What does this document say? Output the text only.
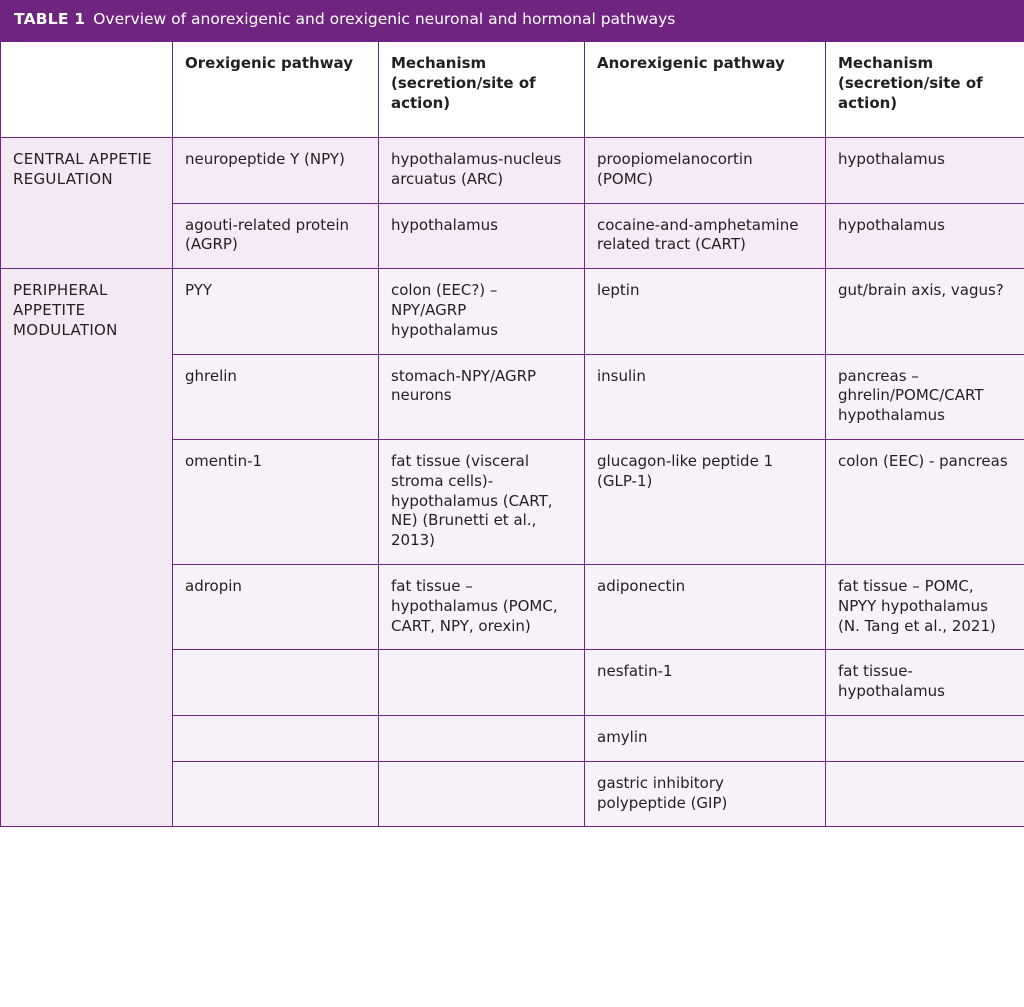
TABLE 1 Overview of anorexigenic and orexigenic neuronal and hormonal pathways
	Orexigenic pathway	Mechanism (secretion/site of action)	Anorexigenic pathway	Mechanism (secretion/site of action)
CENTRAL APPETIE REGULATION	neuropeptide Y (NPY)	hypothalamus-nucleus arcuatus (ARC)	proopiomelanocortin (POMC)	hypothalamus
	agouti-related protein (AGRP)	hypothalamus	cocaine-and-amphetamine related tract (CART)	hypothalamus
PERIPHERAL APPETITE MODULATION	PYY	colon (EEC?) – NPY/AGRP hypothalamus	leptin	gut/brain axis, vagus?
	ghrelin	stomach-NPY/AGRP neurons	insulin	pancreas – ghrelin/POMC/CART hypothalamus
	omentin-1	fat tissue (visceral stroma cells)-hypothalamus (CART, NE) (Brunetti et al., 2013)	glucagon-like peptide 1 (GLP-1)	colon (EEC) - pancreas
	adropin	fat tissue – hypothalamus (POMC, CART, NPY, orexin)	adiponectin	fat tissue – POMC, NPYY hypothalamus (N. Tang et al., 2021)
			nesfatin-1	fat tissue-hypothalamus
			amylin	
			gastric inhibitory polypeptide (GIP)	
